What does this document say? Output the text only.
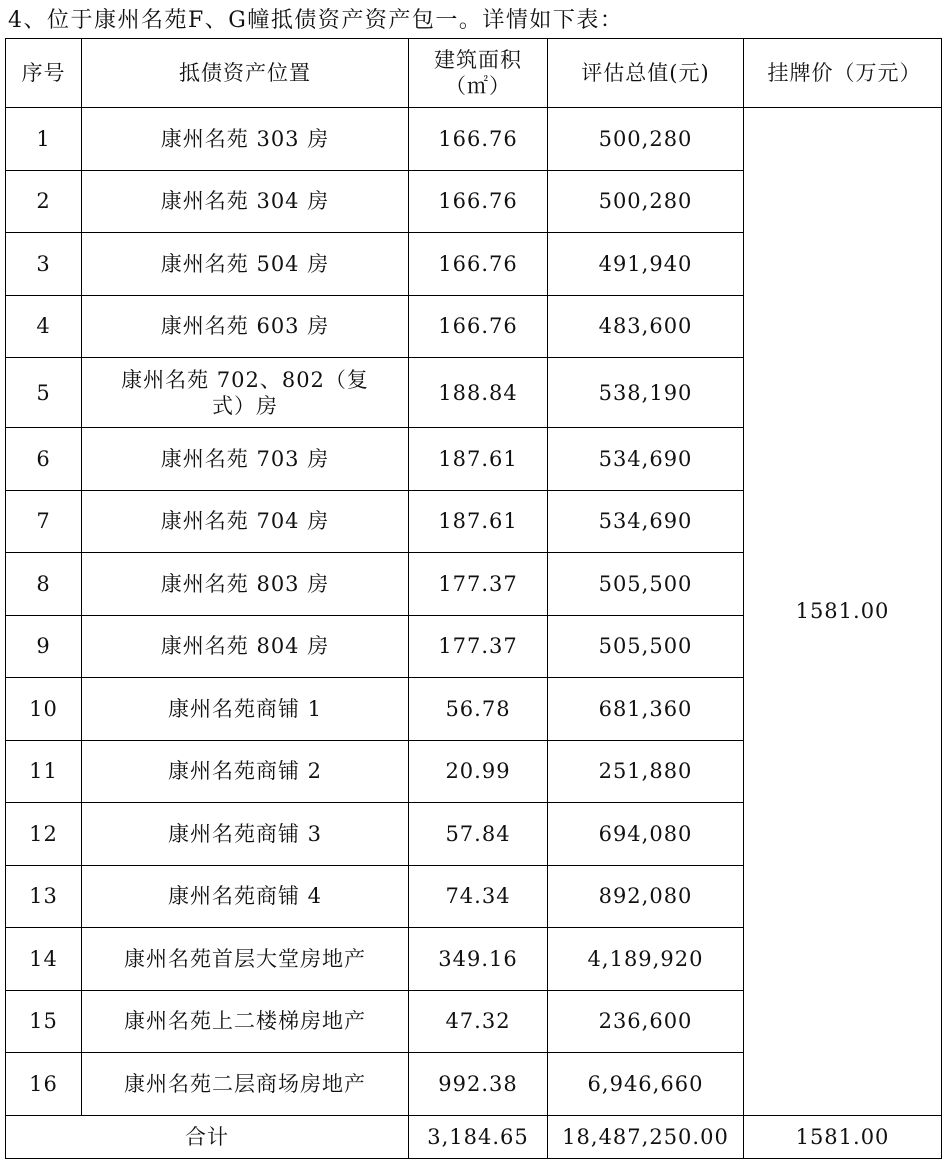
4、位于康州名苑F、G幢抵债资产资产包一。详情如下表：
序号	抵债资产位置	建筑面积（㎡）	评估总值(元)	挂牌价（万元）
1	康州名苑 303 房	166.76	500,280	1581.00
2	康州名苑 304 房	166.76	500,280	
3	康州名苑 504 房	166.76	491,940	
4	康州名苑 603 房	166.76	483,600	
5	康州名苑 702、802（复式）房	188.84	538,190	
6	康州名苑 703 房	187.61	534,690	
7	康州名苑 704 房	187.61	534,690	
8	康州名苑 803 房	177.37	505,500	
9	康州名苑 804 房	177.37	505,500	
10	康州名苑商铺 1	56.78	681,360	
11	康州名苑商铺 2	20.99	251,880	
12	康州名苑商铺 3	57.84	694,080	
13	康州名苑商铺 4	74.34	892,080	
14	康州名苑首层大堂房地产	349.16	4,189,920	
15	康州名苑上二楼梯房地产	47.32	236,600	
16	康州名苑二层商场房地产	992.38	6,946,660	
合计		3,184.65	18,487,250.00	1581.00
